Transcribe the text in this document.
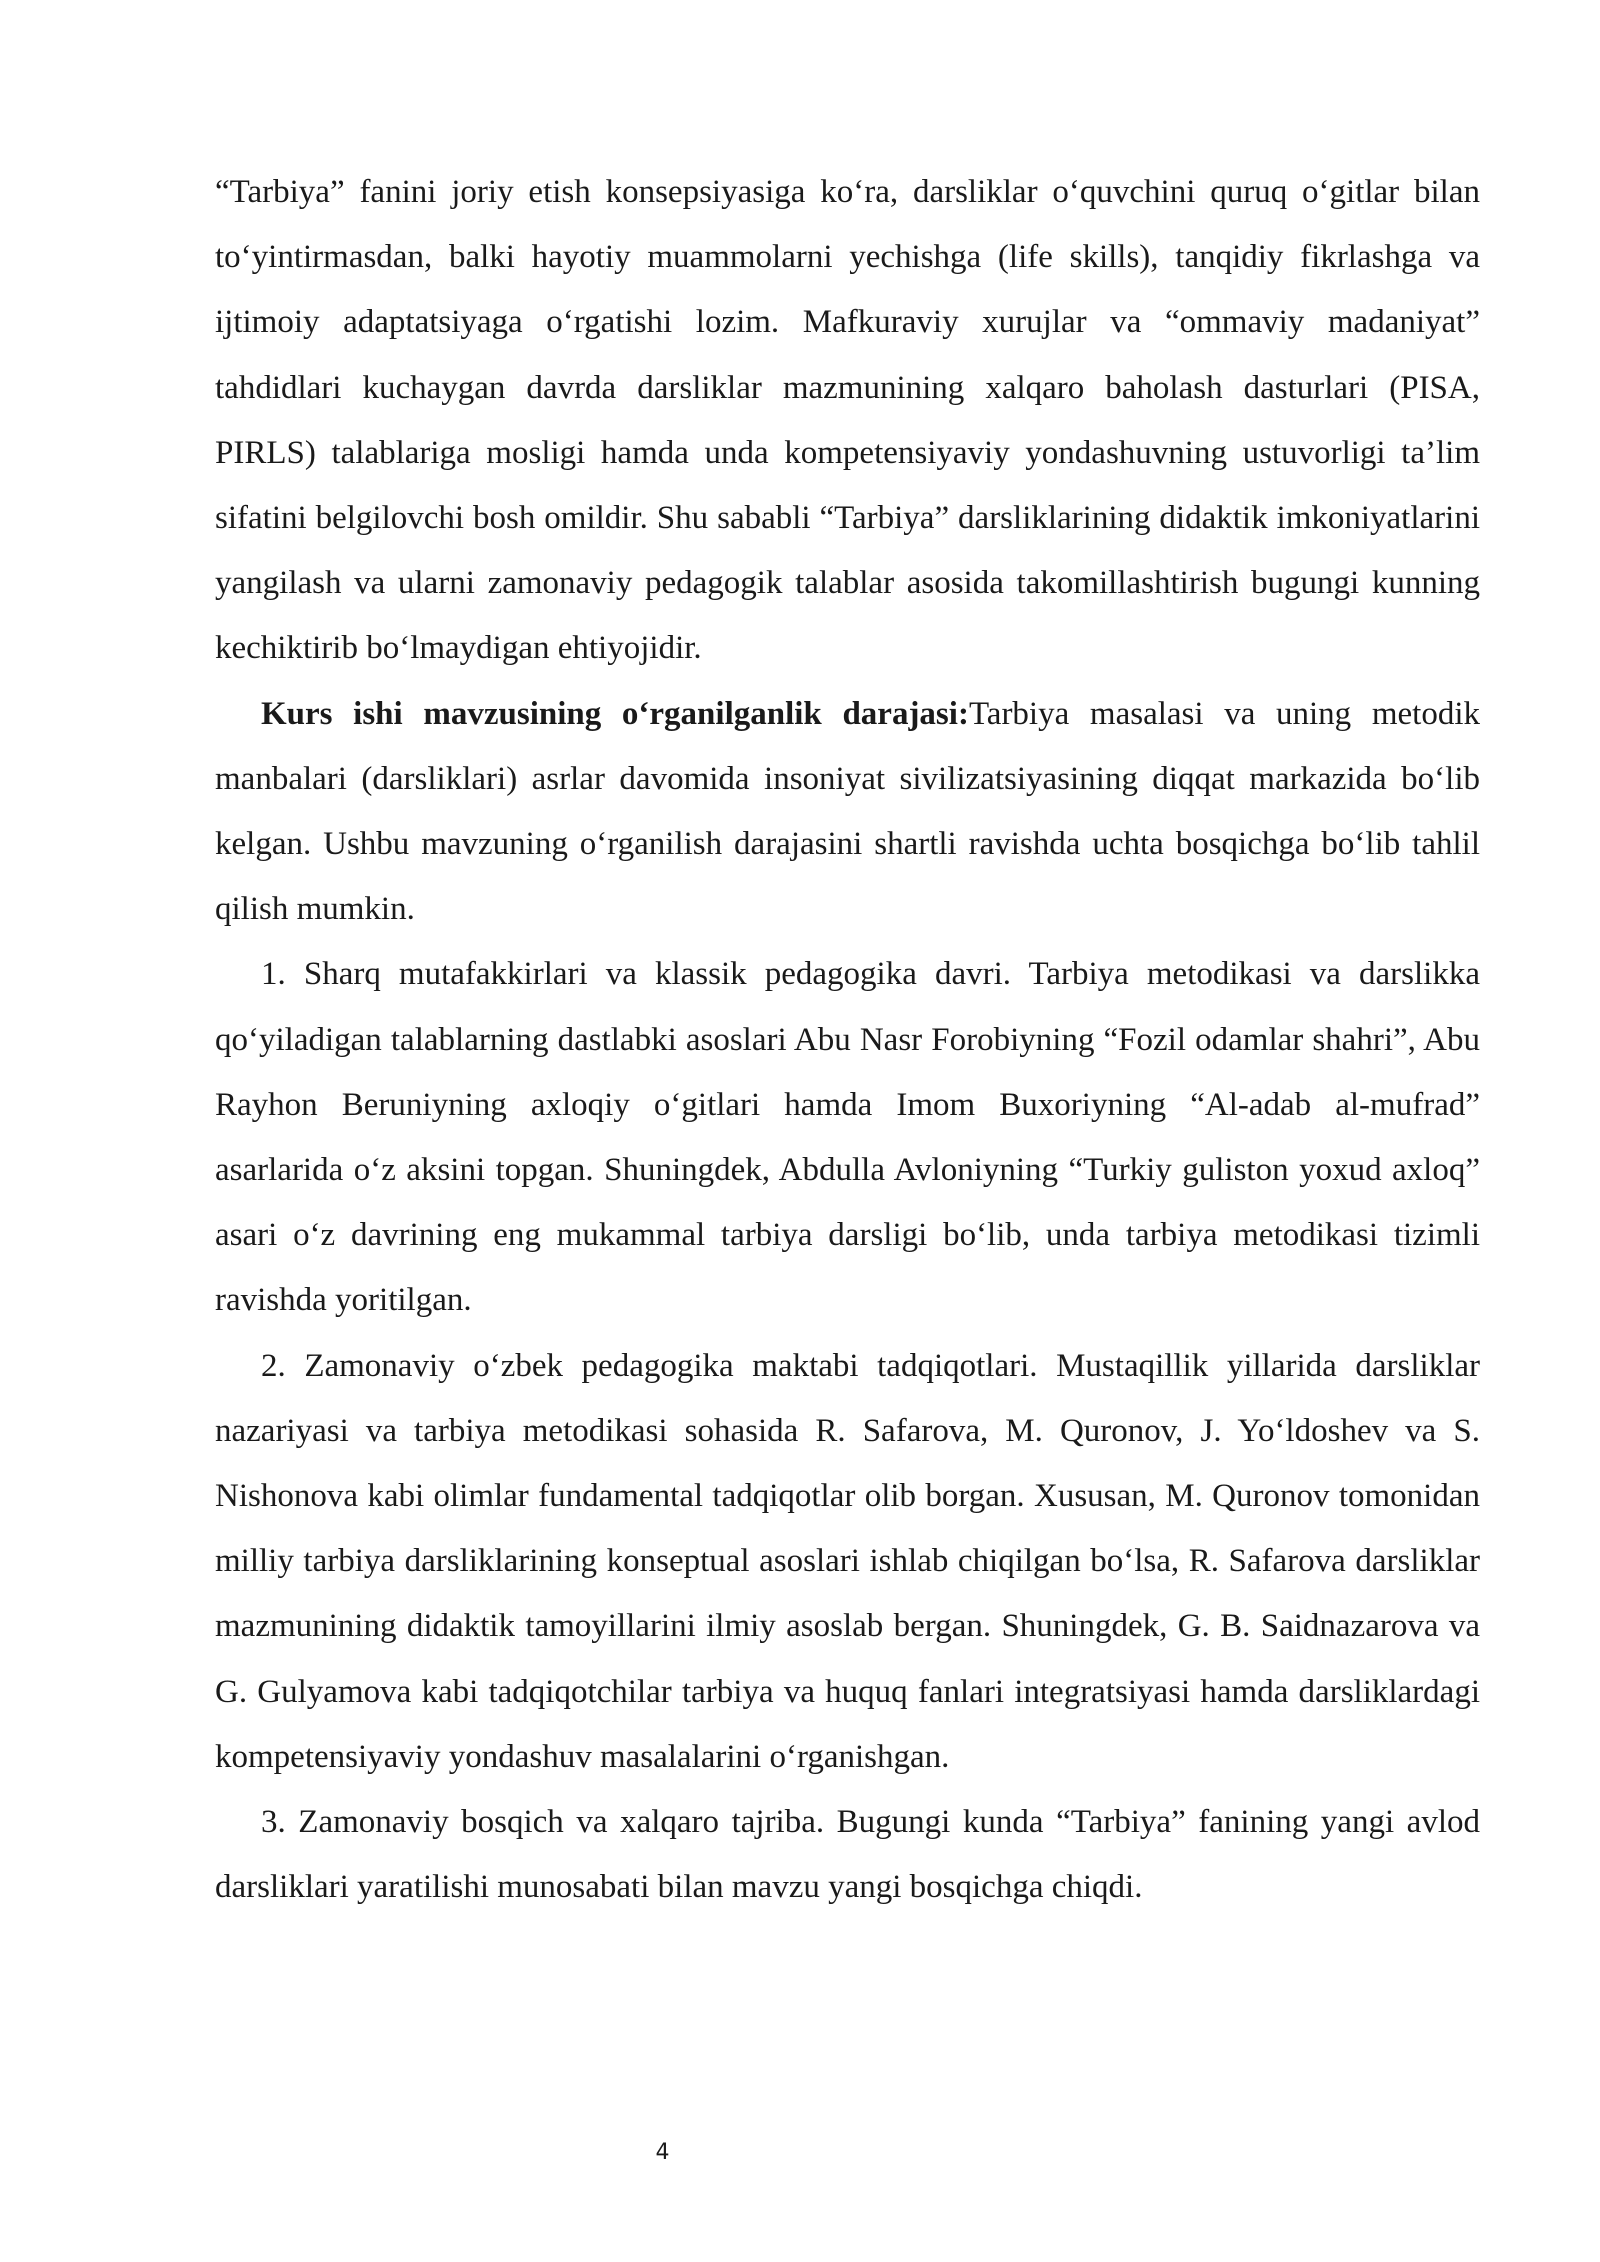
“Tarbiya” fanini joriy etish konsepsiyasiga ko‘ra, darsliklar o‘quvchini quruq o‘gitlar bilan to‘yintirmasdan, balki hayotiy muammolarni yechishga (life skills), tanqidiy fikrlashga va ijtimoiy adaptatsiyaga o‘rgatishi lozim. Mafkuraviy xurujlar va “ommaviy madaniyat” tahdidlari kuchaygan davrda darsliklar mazmunining xalqaro baholash dasturlari (PISA, PIRLS) talablariga mosligi hamda unda kompetensiyaviy yondashuvning ustuvorligi ta’lim sifatini belgilovchi bosh omildir. Shu sababli “Tarbiya” darsliklarining didaktik imkoniyatlarini yangilash va ularni zamonaviy pedagogik talablar asosida takomillashtirish bugungi kunning kechiktirib bo‘lmaydigan ehtiyojidir.

Kurs ishi mavzusining o‘rganilganlik darajasi:Tarbiya masalasi va uning metodik manbalari (darsliklari) asrlar davomida insoniyat sivilizatsiyasining diqqat markazida bo‘lib kelgan. Ushbu mavzuning o‘rganilish darajasini shartli ravishda uchta bosqichga bo‘lib tahlil qilish mumkin.

1. Sharq mutafakkirlari va klassik pedagogika davri. Tarbiya metodikasi va darslikka qo‘yiladigan talablarning dastlabki asoslari Abu Nasr Forobiyning “Fozil odamlar shahri”, Abu Rayhon Beruniyning axloqiy o‘gitlari hamda Imom Buxoriyning “Al-adab al-mufrad” asarlarida o‘z aksini topgan. Shuningdek, Abdulla Avloniyning “Turkiy guliston yoxud axloq” asari o‘z davrining eng mukammal tarbiya darsligi bo‘lib, unda tarbiya metodikasi tizimli ravishda yoritilgan.

2. Zamonaviy o‘zbek pedagogika maktabi tadqiqotlari. Mustaqillik yillarida darsliklar nazariyasi va tarbiya metodikasi sohasida R. Safarova, M. Quronov, J. Yo‘ldoshev va S. Nishonova kabi olimlar fundamental tadqiqotlar olib borgan. Xususan, M. Quronov tomonidan milliy tarbiya darsliklarining konseptual asoslari ishlab chiqilgan bo‘lsa, R. Safarova darsliklar mazmunining didaktik tamoyillarini ilmiy asoslab bergan. Shuningdek, G. B. Saidnazarova va G. Gulyamova kabi tadqiqotchilar tarbiya va huquq fanlari integratsiyasi hamda darsliklardagi kompetensiyaviy yondashuv masalalarini o‘rganishgan.

3. Zamonaviy bosqich va xalqaro tajriba. Bugungi kunda “Tarbiya” fanining yangi avlod darsliklari yaratilishi munosabati bilan mavzu yangi bosqichga chiqdi.

4
